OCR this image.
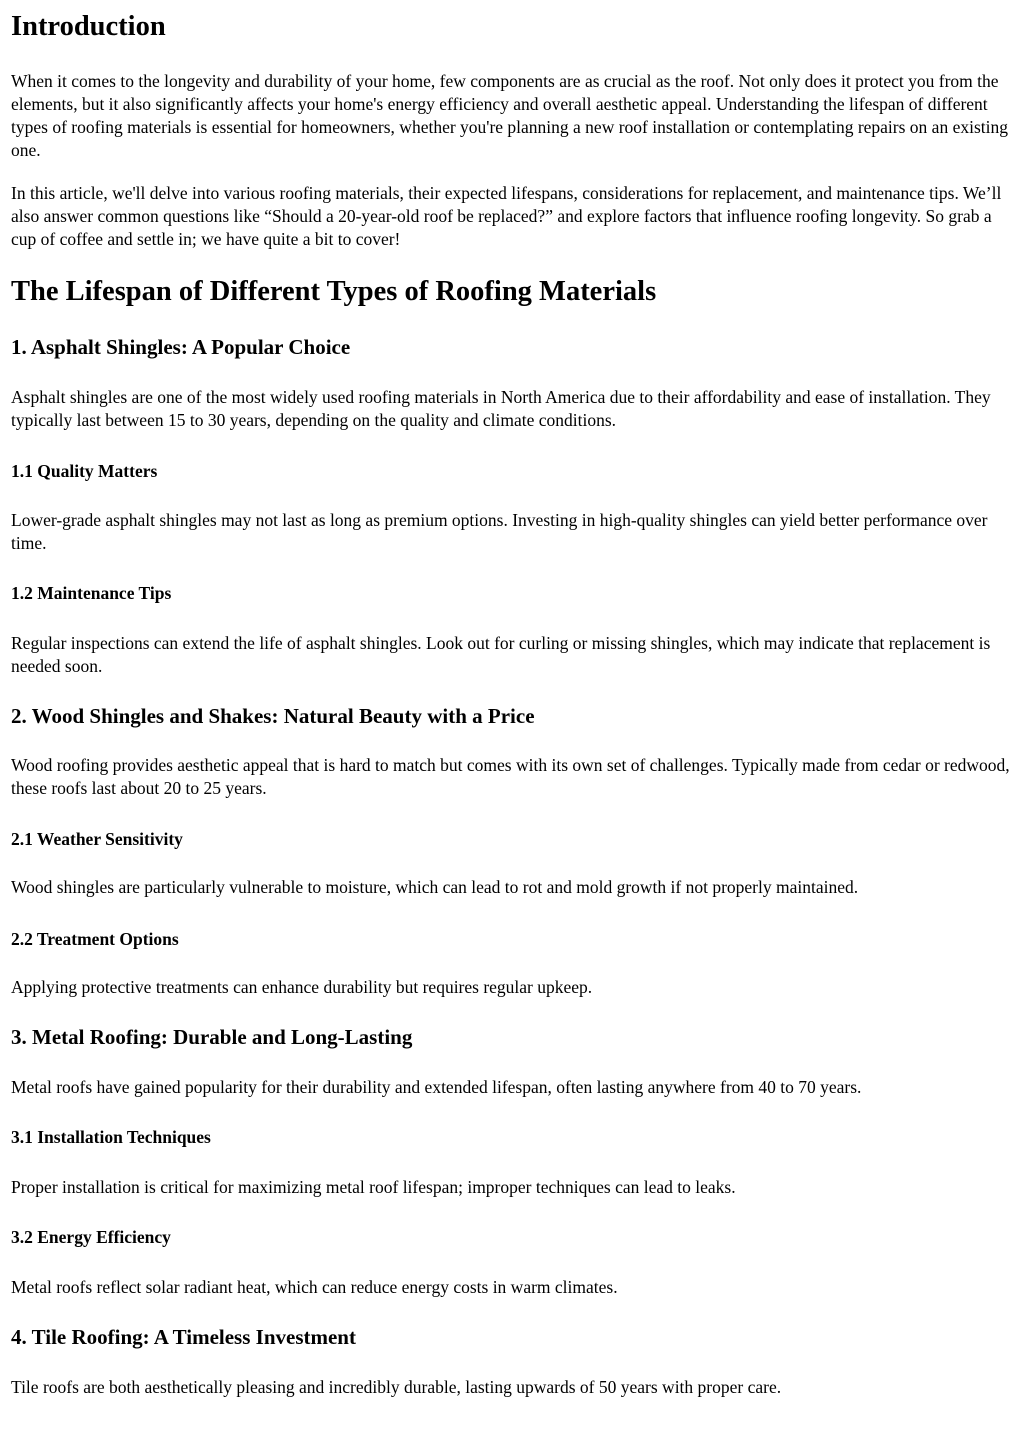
Introduction

When it comes to the longevity and durability of your home, few components are as crucial as the roof. Not only does it protect you from the elements, but it also significantly affects your home's energy efficiency and overall aesthetic appeal. Understanding the lifespan of different types of roofing materials is essential for homeowners, whether you're planning a new roof installation or contemplating repairs on an existing one.

In this article, we'll delve into various roofing materials, their expected lifespans, considerations for replacement, and maintenance tips. We’ll also answer common questions like “Should a 20-year-old roof be replaced?” and explore factors that influence roofing longevity. So grab a cup of coffee and settle in; we have quite a bit to cover!

The Lifespan of Different Types of Roofing Materials
1. Asphalt Shingles: A Popular Choice

Asphalt shingles are one of the most widely used roofing materials in North America due to their affordability and ease of installation. They typically last between 15 to 30 years, depending on the quality and climate conditions.

1.1 Quality Matters

Lower-grade asphalt shingles may not last as long as premium options. Investing in high-quality shingles can yield better performance over time.

1.2 Maintenance Tips

Regular inspections can extend the life of asphalt shingles. Look out for curling or missing shingles, which may indicate that replacement is needed soon.

2. Wood Shingles and Shakes: Natural Beauty with a Price

Wood roofing provides aesthetic appeal that is hard to match but comes with its own set of challenges. Typically made from cedar or redwood, these roofs last about 20 to 25 years.

2.1 Weather Sensitivity

Wood shingles are particularly vulnerable to moisture, which can lead to rot and mold growth if not properly maintained.

2.2 Treatment Options

Applying protective treatments can enhance durability but requires regular upkeep.

3. Metal Roofing: Durable and Long-Lasting

Metal roofs have gained popularity for their durability and extended lifespan, often lasting anywhere from 40 to 70 years.

3.1 Installation Techniques

Proper installation is critical for maximizing metal roof lifespan; improper techniques can lead to leaks.

3.2 Energy Efficiency

Metal roofs reflect solar radiant heat, which can reduce energy costs in warm climates.

4. Tile Roofing: A Timeless Investment

Tile roofs are both aesthetically pleasing and incredibly durable, lasting upwards of 50 years with proper care.
